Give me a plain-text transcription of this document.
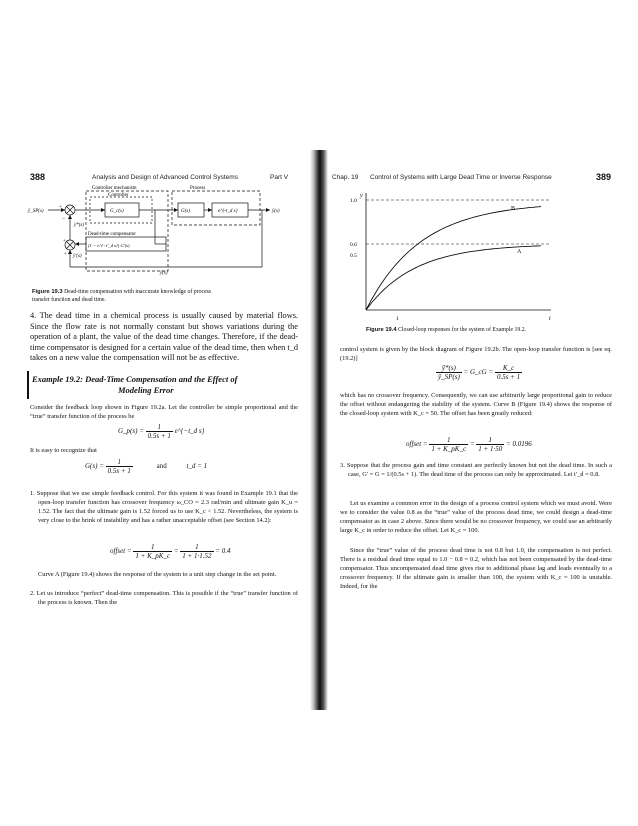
388	Analysis and Design of Advanced Control Systems	Part V
Controller mechanism	Process
Controller
G_c(s)	G(s)	e^{-t_d s}
ȳ_SP(s)	ȳ(s)
ȳ*(s)
Dead-time compensator
(1 − e^{−t'_d s}) G'(s)
ȳ'(s)
ȳ(s)
+
−
+
+
Figure 19.3 Dead-time compensation with inaccurate knowledge of process transfer function and dead time.
4. The dead time in a chemical process is usually caused by material flows. Since the flow rate is not normally constant but shows variations during the operation of a plant, the value of the dead time changes. Therefore, if the dead-time compensator is designed for a certain value of the dead time, then when t_d takes on a new value the compensation will not be as effective.
Example 19.2: Dead-Time Compensation and the Effect of
Modeling Error
Consider the feedback loop shown in Figure 19.2a. Let the controller be simple proportional and the “true” transfer function of the process be
G_p(s) = $\frac{1}{0.5s + 1}$ e^{−t_d s}
It is easy to recognize that
$G(s) = \frac{1}{0.5s + 1}$	and	t_d = 1
1. Suppose that we use simple feedback control. For this system it was found in Example 19.1 that the open-loop transfer function has crossover frequency ω_CO = 2.3 rad/min and ultimate gain K_u = 1.52. The fact that the ultimate gain is 1.52 forced us to use K_c < 1.52. Nevertheless, the system is very close to the brink of instability and has a rather unacceptable offset (see Section 14.2):
offset = $\frac{1}{1 + K\_pK\_c} = \frac{1}{1 + 1\cdot 1.52} = 0.4$
Curve A (Figure 19.4) shows the response of the system to a unit step change in the set point.
2. Let us introduce “perfect” dead-time compensation. This is possible if the “true” transfer function of the process is known. Then the
Chap. 19 Control of Systems with Large Dead Time or Inverse Response	389
y
t
0.5
0.6
1.0
1
B
A
Figure 19.4 Closed-loop responses for the system of Example 19.2.
control system is given by the block diagram of Figure 19.2b. The open-loop transfer function is [see eq. (19.2)]
$\frac{ȳ*(s)}{ȳ\_SP(s)}$ = G_cG = $\frac{K\_c}{0.5s + 1}$
which has no crossover frequency. Consequently, we can use arbitrarily large proportional gain to reduce the offset without endangering the stability of the system. Curve B (Figure 19.4) shows the response of the closed-loop system with K_c = 50. The offset has been greatly reduced:
offset = $\frac{1}{1 + K\_pK\_c} = \frac{1}{1 + 1\cdot 50} = 0.0196$
3. Suppose that the process gain and time constant are perfectly known but not the dead time. In such a case, G′ = G = 1/(0.5s + 1). The dead time of the process can only be approximated. Let t′_d = 0.8.
Let us examine a common error in the design of a process control system which we must avoid. Were we to consider the value 0.8 as the “true” value of the process dead time, we could design a dead-time compensator as in case 2 above. Since there would be no crossover frequency, we could use an arbitrarily large K_c in order to reduce the offset. Let K_c = 100.
Since the “true” value of the process dead time is not 0.8 but 1.0, the compensation is not perfect. There is a residual dead time equal to 1.0 − 0.8 = 0.2, which has not been compensated by the dead-time compensator. Thus uncompensated dead time gives rise to additional phase lag and leads eventually to a crossover frequency. If the ultimate gain is smaller than 100, the system with K_c = 100 is unstable. Indeed, for the
